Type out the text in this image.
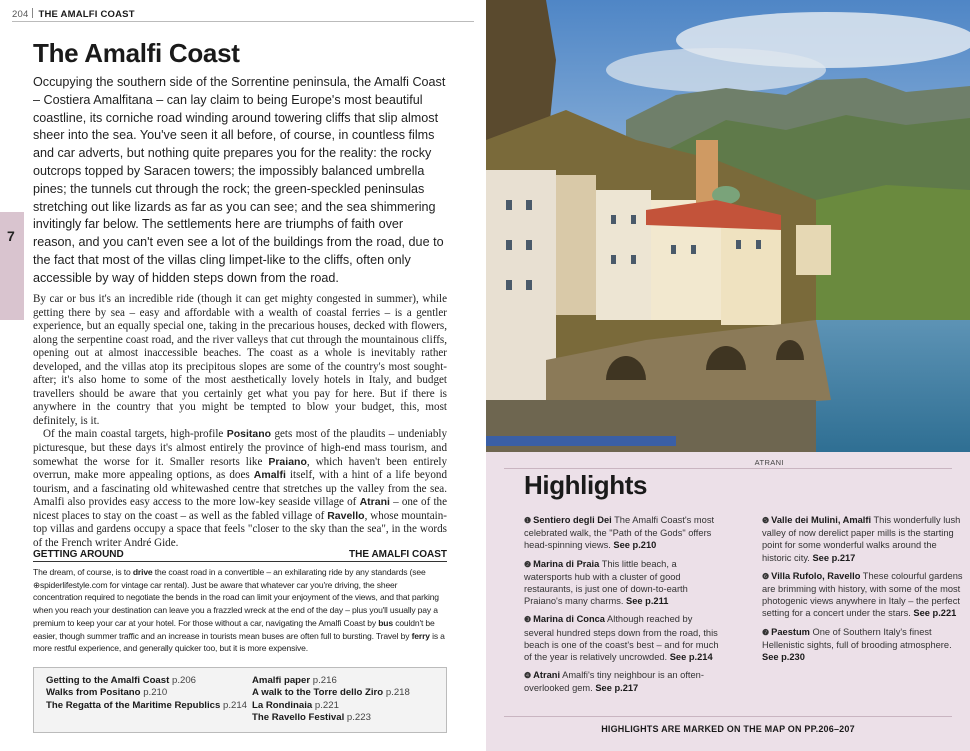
204 THE AMALFI COAST
7
The Amalfi Coast

Occupying the southern side of the Sorrentine peninsula, the Amalfi Coast – Costiera Amalfitana – can lay claim to being Europe's most beautiful coastline, its corniche road winding around towering cliffs that slip almost sheer into the sea. You've seen it all before, of course, in countless films and car adverts, but nothing quite prepares you for the reality: the rocky outcrops topped by Saracen towers; the impossibly balanced umbrella pines; the tunnels cut through the rock; the green-speckled peninsulas stretching out like lizards as far as you can see; and the sea shimmering invitingly far below. The settlements here are triumphs of faith over reason, and you can't even see a lot of the buildings from the road, due to the fact that most of the villas cling limpet-like to the cliffs, often only accessible by way of hidden steps down from the road.

By car or bus it's an incredible ride (though it can get mighty congested in summer), while getting there by sea – easy and affordable with a wealth of coastal ferries – is a gentler experience, but an equally special one, taking in the precarious houses, decked with flowers, along the serpentine coast road, and the river valleys that cut through the mountainous cliffs, opening out at almost inaccessible beaches. The coast as a whole is inevitably rather developed, and the villas atop its precipitous slopes are some of the country's most sought-after; it's also home to some of the most aesthetically lovely hotels in Italy, and budget travellers should be aware that you certainly get what you pay for here. But if there is anywhere in the country that you might be tempted to blow your budget, this, most definitely, is it.

Of the main coastal targets, high-profile Positano gets most of the plaudits – undeniably picturesque, but these days it's almost entirely the province of high-end mass tourism, and somewhat the worse for it. Smaller resorts like Praiano, which haven't been entirely overrun, make more appealing options, as does Amalfi itself, with a hint of a life beyond tourism, and a fascinating old whitewashed centre that stretches up the valley from the sea. Amalfi also provides easy access to the more low-key seaside village of Atrani – one of the nicest places to stay on the coast – as well as the fabled village of Ravello, whose mountain-top villas and gardens occupy a space that feels "closer to the sky than the sea", in the words of the French writer André Gide.

GETTING AROUND	THE AMALFI COAST

The dream, of course, is to drive the coast road in a convertible – an exhilarating ride by any standards (see ⊕spiderlifestyle.com for vintage car rental). Just be aware that whatever car you're driving, the sheer concentration required to negotiate the bends in the road can limit your enjoyment of the views, and that parking when you reach your destination can leave you a frazzled wreck at the end of the day – plus you'll usually pay a premium to keep your car at your hotel. For those without a car, navigating the Amalfi Coast by bus couldn't be easier, though summer traffic and an increase in tourists mean buses are often full to bursting. Travel by ferry is a more restful experience, and generally quicker too, but it is more expensive.

Getting to the Amalfi Coast p.206
Walks from Positano p.210
The Regatta of the Maritime Republics p.214
Amalfi paper p.216
A walk to the Torre dello Ziro p.218
La Rondinaia p.221
The Ravello Festival p.223
ATRANI
Highlights
❶ Sentiero degli Dei The Amalfi Coast's most celebrated walk, the "Path of the Gods" offers head-spinning views. See p.210
❷ Marina di Praia This little beach, a watersports hub with a cluster of good restaurants, is just one of down-to-earth Praiano's many charms. See p.211
❸ Marina di Conca Although reached by several hundred steps down from the road, this beach is one of the coast's best – and for much of the year is relatively uncrowded. See p.214
❹ Atrani Amalfi's tiny neighbour is an often-overlooked gem. See p.217
❺ Valle dei Mulini, Amalfi This wonderfully lush valley of now derelict paper mills is the starting point for some wonderful walks around the historic city. See p.217
❻ Villa Rufolo, Ravello These colourful gardens are brimming with history, with some of the most photogenic views anywhere in Italy – the perfect setting for a concert under the stars. See p.221
❼ Paestum One of Southern Italy's finest Hellenistic sights, full of brooding atmosphere. See p.230
HIGHLIGHTS ARE MARKED ON THE MAP ON PP.206–207
